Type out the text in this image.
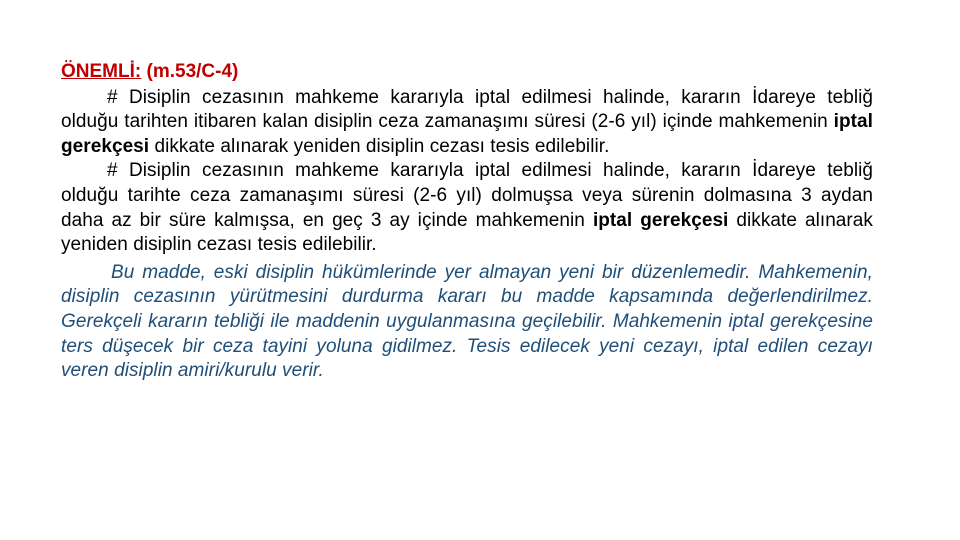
ÖNEMLİ: (m.53/C-4)

# Disiplin cezasının mahkeme kararıyla iptal edilmesi halinde, kararın İdareye tebliğ olduğu tarihten itibaren kalan disiplin ceza zamanaşımı süresi (2-6 yıl) içinde mahkemenin iptal gerekçesi dikkate alınarak yeniden disiplin cezası tesis edilebilir.

# Disiplin cezasının mahkeme kararıyla iptal edilmesi halinde, kararın İdareye tebliğ olduğu tarihte ceza zamanaşımı süresi (2-6 yıl) dolmuşsa veya sürenin dolmasına 3 aydan daha az bir süre kalmışsa, en geç 3 ay içinde mahkemenin iptal gerekçesi dikkate alınarak yeniden disiplin cezası tesis edilebilir.

Bu madde, eski disiplin hükümlerinde yer almayan yeni bir düzenlemedir. Mahkemenin, disiplin cezasının yürütmesini durdurma kararı bu madde kapsamında değerlendirilmez. Gerekçeli kararın tebliği ile maddenin uygulanmasına geçilebilir. Mahkemenin iptal gerekçesine ters düşecek bir ceza tayini yoluna gidilmez. Tesis edilecek yeni cezayı, iptal edilen cezayı veren disiplin amiri/kurulu verir.
